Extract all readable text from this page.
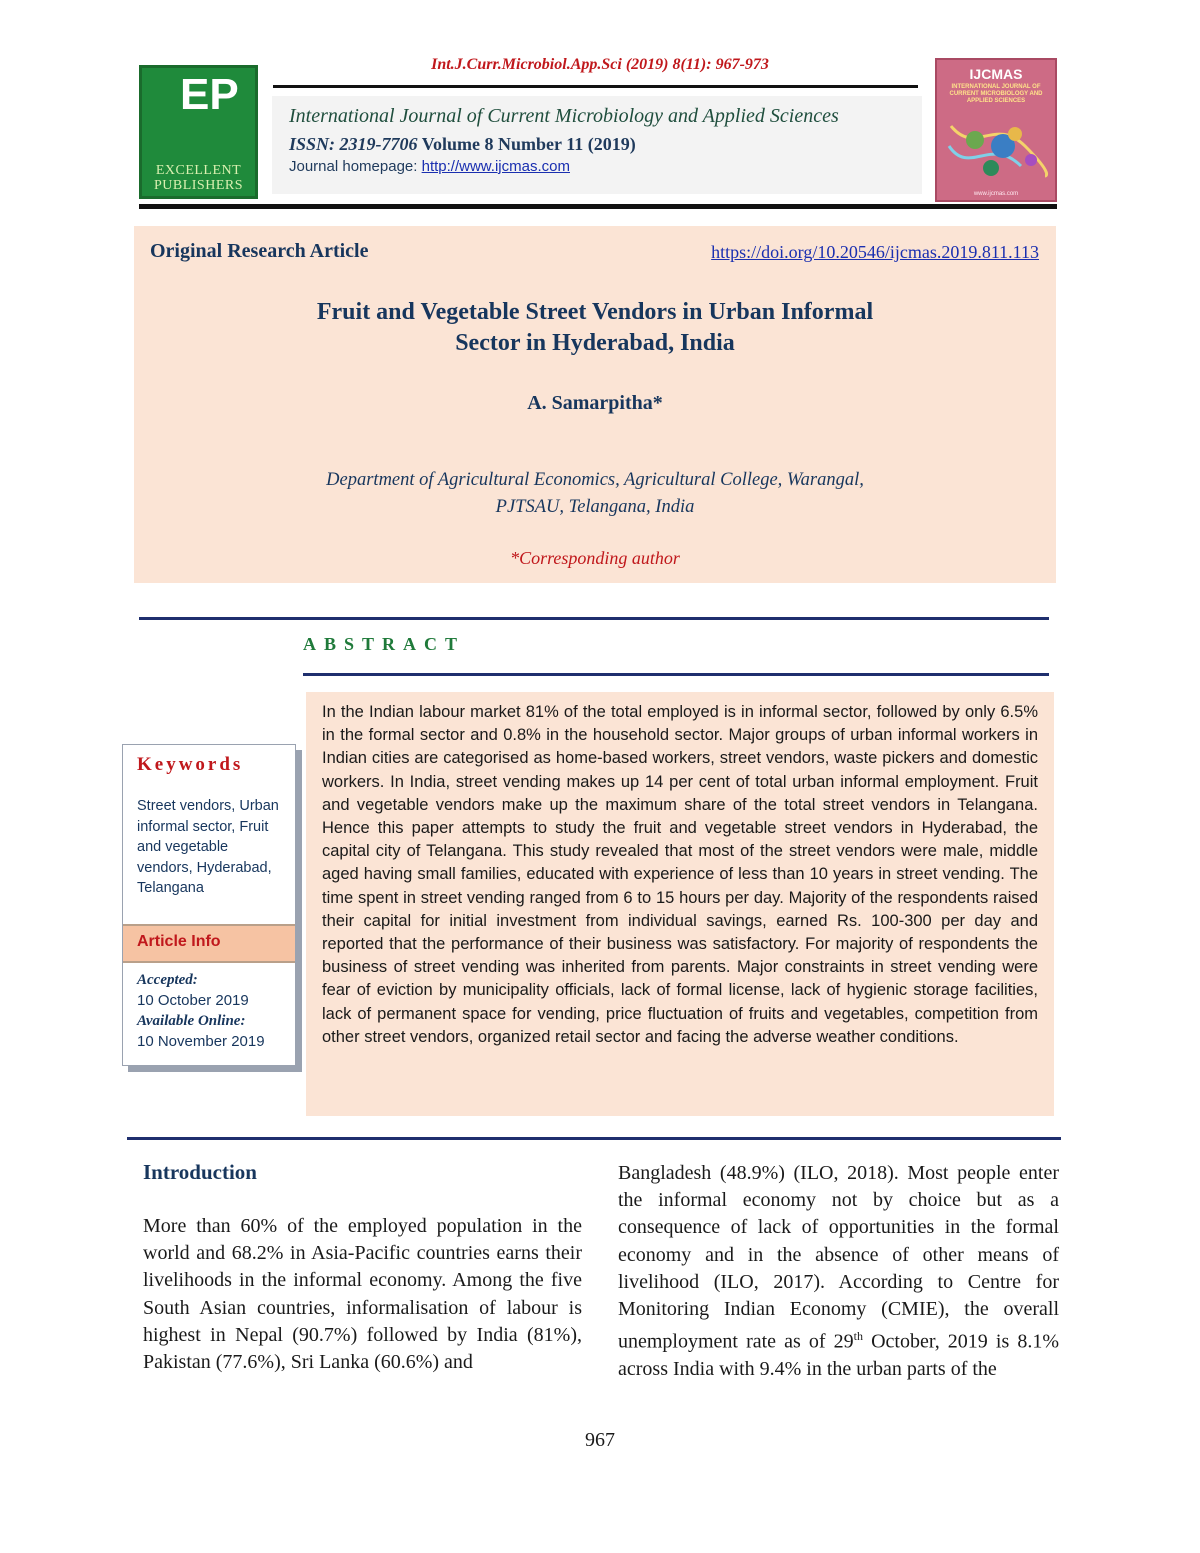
Int.J.Curr.Microbiol.App.Sci (2019) 8(11): 967-973
EP
EXCELLENT
PUBLISHERS
International Journal of Current Microbiology and Applied Sciences
ISSN: 2319-7706 Volume 8 Number 11 (2019)
Journal homepage: http://www.ijcmas.com
IJCMAS
INTERNATIONAL JOURNAL OF CURRENT MICROBIOLOGY AND APPLIED SCIENCES
www.ijcmas.com
Original Research Article	https://doi.org/10.20546/ijcmas.2019.811.113
Fruit and Vegetable Street Vendors in Urban Informal
Sector in Hyderabad, India
A. Samarpitha*
Department of Agricultural Economics, Agricultural College, Warangal,
PJTSAU, Telangana, India
*Corresponding author
ABSTRACT
In the Indian labour market 81% of the total employed is in informal sector, followed by only 6.5% in the formal sector and 0.8% in the household sector. Major groups of urban informal workers in Indian cities are categorised as home-based workers, street vendors, waste pickers and domestic workers. In India, street vending makes up 14 per cent of total urban informal employment. Fruit and vegetable vendors make up the maximum share of the total street vendors in Telangana. Hence this paper attempts to study the fruit and vegetable street vendors in Hyderabad, the capital city of Telangana. This study revealed that most of the street vendors were male, middle aged having small families, educated with experience of less than 10 years in street vending. The time spent in street vending ranged from 6 to 15 hours per day. Majority of the respondents raised their capital for initial investment from individual savings, earned Rs. 100-300 per day and reported that the performance of their business was satisfactory. For majority of respondents the business of street vending was inherited from parents. Major constraints in street vending were fear of eviction by municipality officials, lack of formal license, lack of hygienic storage facilities, lack of permanent space for vending, price fluctuation of fruits and vegetables, competition from other street vendors, organized retail sector and facing the adverse weather conditions.
Keywords
Street vendors, Urban informal sector, Fruit and vegetable vendors, Hyderabad, Telangana
Article Info
Accepted:
10 October 2019
Available Online:
10 November 2019
Introduction
More than 60% of the employed population in the world and 68.2% in Asia-Pacific countries earns their livelihoods in the informal economy. Among the five South Asian countries, informalisation of labour is highest in Nepal (90.7%) followed by India (81%), Pakistan (77.6%), Sri Lanka (60.6%) and
Bangladesh (48.9%) (ILO, 2018). Most people enter the informal economy not by choice but as a consequence of lack of opportunities in the formal economy and in the absence of other means of livelihood (ILO, 2017). According to Centre for Monitoring Indian Economy (CMIE), the overall unemployment rate as of 29th October, 2019 is 8.1% across India with 9.4% in the urban parts of the
967
